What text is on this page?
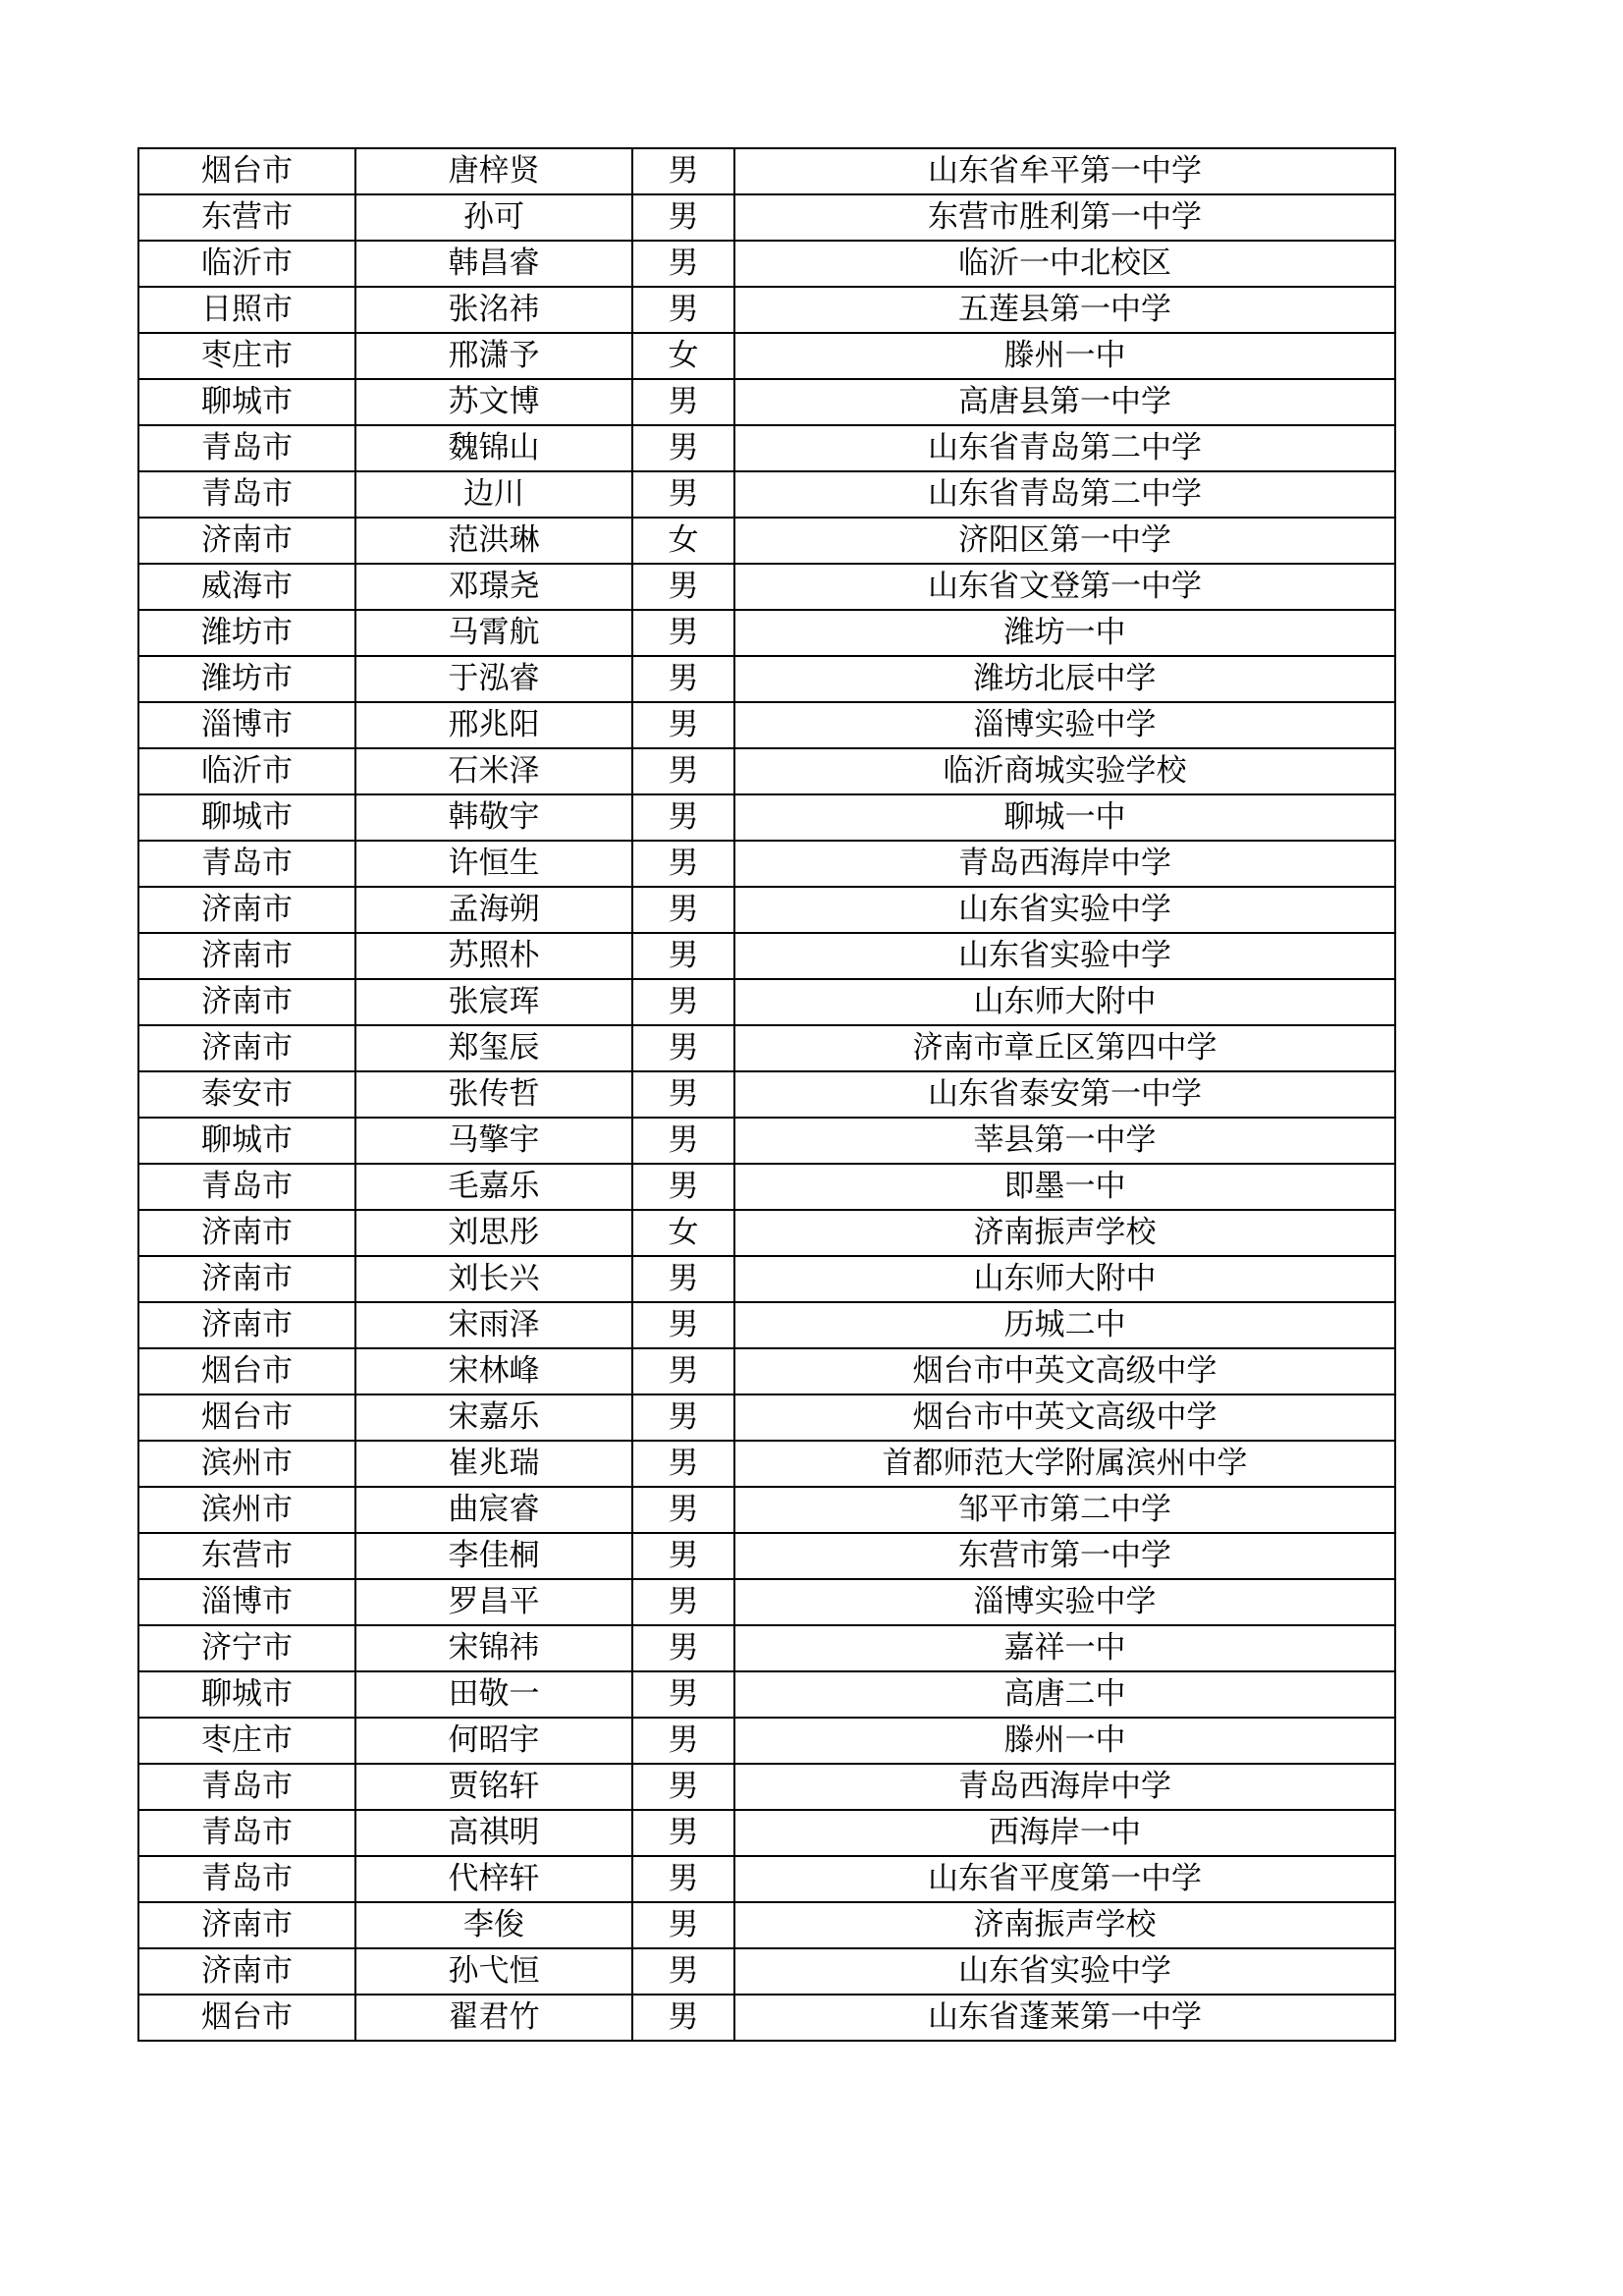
烟台市	唐梓贤	男	山东省牟平第一中学
东营市	孙可	男	东营市胜利第一中学
临沂市	韩昌睿	男	临沂一中北校区
日照市	张洺祎	男	五莲县第一中学
枣庄市	邢潇予	女	滕州一中
聊城市	苏文博	男	高唐县第一中学
青岛市	魏锦山	男	山东省青岛第二中学
青岛市	边川	男	山东省青岛第二中学
济南市	范洪琳	女	济阳区第一中学
威海市	邓璟尧	男	山东省文登第一中学
潍坊市	马霄航	男	潍坊一中
潍坊市	于泓睿	男	潍坊北辰中学
淄博市	邢兆阳	男	淄博实验中学
临沂市	石米泽	男	临沂商城实验学校
聊城市	韩敬宇	男	聊城一中
青岛市	许恒生	男	青岛西海岸中学
济南市	孟海朔	男	山东省实验中学
济南市	苏照朴	男	山东省实验中学
济南市	张宸珲	男	山东师大附中
济南市	郑玺辰	男	济南市章丘区第四中学
泰安市	张传哲	男	山东省泰安第一中学
聊城市	马擎宇	男	莘县第一中学
青岛市	毛嘉乐	男	即墨一中
济南市	刘思彤	女	济南振声学校
济南市	刘长兴	男	山东师大附中
济南市	宋雨泽	男	历城二中
烟台市	宋林峰	男	烟台市中英文高级中学
烟台市	宋嘉乐	男	烟台市中英文高级中学
滨州市	崔兆瑞	男	首都师范大学附属滨州中学
滨州市	曲宸睿	男	邹平市第二中学
东营市	李佳桐	男	东营市第一中学
淄博市	罗昌平	男	淄博实验中学
济宁市	宋锦祎	男	嘉祥一中
聊城市	田敬一	男	高唐二中
枣庄市	何昭宇	男	滕州一中
青岛市	贾铭轩	男	青岛西海岸中学
青岛市	高祺明	男	西海岸一中
青岛市	代梓轩	男	山东省平度第一中学
济南市	李俊	男	济南振声学校
济南市	孙弋恒	男	山东省实验中学
烟台市	翟君竹	男	山东省蓬莱第一中学
